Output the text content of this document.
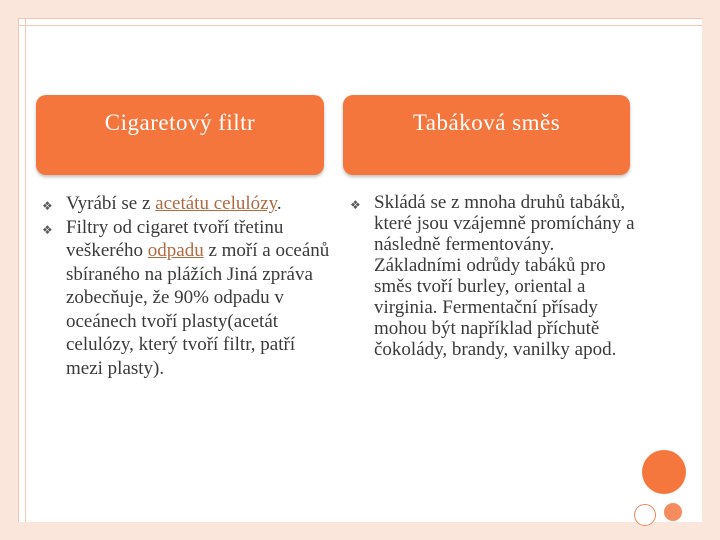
Cigaretový filtr	Tabáková směs
❖ Vyrábí se z acetátu celulózy.
❖ Filtry od cigaret tvoří třetinu veškerého odpadu z moří a oceánů sbíraného na plážích Jiná zpráva zobecňuje, že 90% odpadu v oceánech tvoří plasty(acetát celulózy, který tvoří filtr, patří mezi plasty).
❖ Skládá se z mnoha druhů tabáků, které jsou vzájemně promíchány a následně fermentovány. Základními odrůdy tabáků pro směs tvoří burley, oriental a virginia. Fermentační přísady mohou být například příchutě čokolády, brandy, vanilky apod.
